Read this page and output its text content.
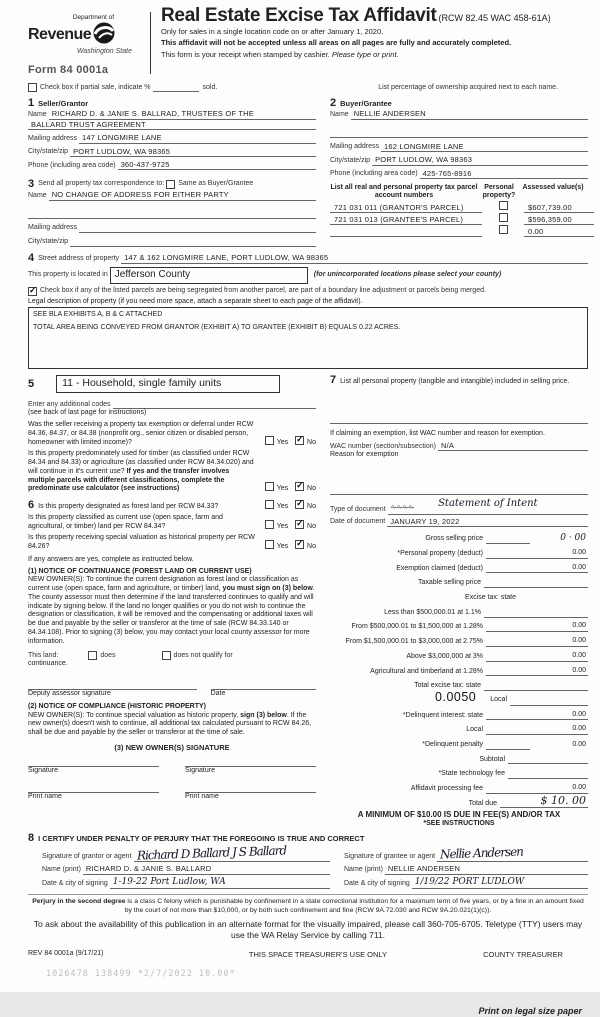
Department of
Revenue
Washington State
Form 84 0001a
Real Estate Excise Tax Affidavit (RCW 82.45 WAC 458-61A)
Only for sales in a single location code on or after January 1, 2020.
This affidavit will not be accepted unless all areas on all pages are fully and accurately completed.
This form is your receipt when stamped by cashier. Please type or print.
Check box if partial sale, indicate %	sold.	List percentage of ownership acquired next to each name.
1 Seller/Grantor
Name RICHARD D. & JANIE S. BALLRAD, TRUSTEES OF THE
BALLARD TRUST AGREEMENT
Mailing address 147 LONGMIRE LANE
City/state/zip PORT LUDLOW, WA 98365
Phone (including area code) 360-437-9725
3 Send all property tax correspondence to:	Same as Buyer/Grantee
Name NO CHANGE OF ADDRESS FOR EITHER PARTY
Mailing address
City/state/zip
2 Buyer/Grantee
Name NELLIE ANDERSEN
Mailing address 162 LONGMIRE LANE
City/state/zip PORT LUDLOW, WA 98363
Phone (including area code) 425-765-8916
List all real and personal property tax parcel account numbers
Personal property?
Assessed value(s)
721 031 011 (GRANTOR'S PARCEL)	$607,739.00
721 031 013 (GRANTEE'S PARCEL)	$596,359.00
0.00
4 Street address of property 147 & 162 LONGMIRE LANE, PORT LUDLOW, WA 98365
This property is located in Jefferson County	(for unincorporated locations please select your county)
✓
Check box if any of the listed parcels are being segregated from another parcel, are part of a boundary line adjustment or parcels being merged.
Legal description of property (if you need more space, attach a separate sheet to each page of the affidavit).
SEE BLA EXHIBITS A, B & C ATTACHED
TOTAL AREA BEING CONVEYED FROM GRANTOR (EXHIBIT A) TO GRANTEE (EXHIBIT B) EQUALS 0.22 ACRES.
5	11 - Household, single family units
Enter any additional codes
(see back of last page for instructions)
Was the seller receiving a property tax exemption or deferral under RCW 84.36, 84.37, or 84.38 (nonprofit org., senior citizen or disabled person, homeowner with limited income)?	Yes ✓	No
Is this property predominately used for timber (as classified under RCW 84.34 and 84.33) or agriculture (as classified under RCW 84.34.020) and will continue in it's current use? If yes and the transfer involves multiple parcels with different classifications, complete the predominate use calculator (see instructions)	Yes ✓	No
6 Is this property designated as forest land per RCW 84.33?	Yes ✓	No
Is this property classified as current use (open space, farm and agricultural, or timber) land per RCW 84.34?	Yes ✓	No
Is this property receiving special valuation as historical property per RCW 84.26?	Yes ✓	No
If any answers are yes, complete as instructed below.
(1) NOTICE OF CONTINUANCE (FOREST LAND OR CURRENT USE)
NEW OWNER(S): To continue the current designation as forest land or classification as current use (open space, farm and agriculture, or timber) land, you must sign on (3) below. The county assessor must then determine if the land transferred continues to qualify and will indicate by signing below. If the land no longer qualifies or you do not wish to continue the designation or classification, it will be removed and the compensating or additional taxes will be due and payable by the seller or transferor at the time of sale (RCW 84.33.140 or 84.34.108). Prior to signing (3) below, you may contact your local county assessor for more information.
This land:	does	does not qualify for
continuance.
Deputy assessor signature	Date
(2) NOTICE OF COMPLIANCE (HISTORIC PROPERTY)
NEW OWNER(S): To continue special valuation as historic property, sign (3) below. If the new owner(s) doesn't wish to continue, all additional tax calculated pursuant to RCW 84.26, shall be due and payable by the seller or transferor at the time of sale.
(3) NEW OWNER(S) SIGNATURE
Signature
Print name
Signature
Print name
7 List all personal property (tangible and intangible) included in selling price.
If claiming an exemption, list WAC number and reason for exemption.
WAC number (section/subsection) N/A
Reason for exemption
Type of document ∿∿∿∿ Statement of Intent
Date of document JANUARY 19, 2022
Gross selling price	0 · 00
*Personal property (deduct)	0.00
Exemption claimed (deduct)	0.00
Taxable selling price
Excise tax: state
Less than $500,000.01 at 1.1%
From $500,000.01 to $1,500,000 at 1.28%	0.00
From $1,500,000.01 to $3,000,000 at 2.75%	0.00
Above $3,000,000 at 3%	0.00
Agricultural and timberland at 1.28%	0.00
Total excise tax: state
0.0050 Local
*Delinquent interest: state	0.00
Local	0.00
*Delinquent penalty	0.00
Subtotal
*State technology fee
Affidavit processing fee	0.00
Total due	$ 10. 00
A MINIMUM OF $10.00 IS DUE IN FEE(S) AND/OR TAX
*SEE INSTRUCTIONS
8 I CERTIFY UNDER PENALTY OF PERJURY THAT THE FOREGOING IS TRUE AND CORRECT
Signature of grantor or agent Richard D Ballard J S Ballard
Name (print) RICHARD D. & JANIE S. BALLARD
Date & city of signing 1-19-22 Port Ludlow, WA
Signature of grantee or agent Nellie Andersen
Name (print) NELLIE ANDERSEN
Date & city of signing 1/19/22 PORT LUDLOW
Perjury in the second degree is a class C felony which is punishable by confinement in a state correctional institution for a maximum term of five years, or by a fine in an amount fixed by the court of not more than $10,000, or by both such confinement and fine (RCW 9A.72.030 and RCW 9A.20.021(1)(c)).
To ask about the availability of this publication in an alternate format for the visually impaired, please call 360-705-6705. Teletype (TTY) users may use the WA Relay Service by calling 711.
REV 84 0001a (9/17/21)	THIS SPACE TREASURER'S USE ONLY	COUNTY TREASURER
1026478 138499 *2/7/2022 10.00*
Print on legal size paper
